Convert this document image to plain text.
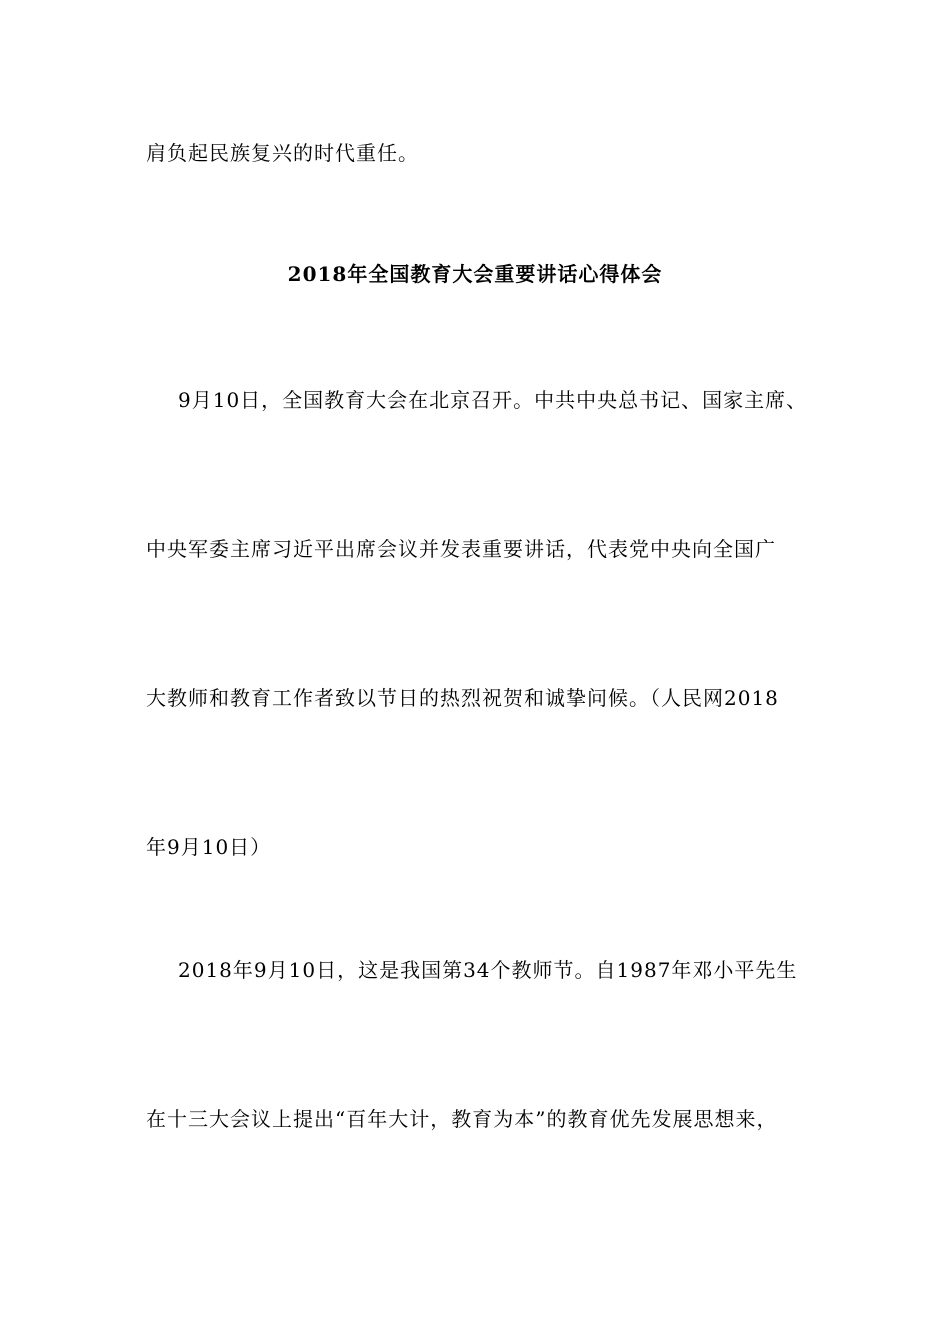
肩负起民族复兴的时代重任。
2018年全国教育大会重要讲话心得体会
9月10日，全国教育大会在北京召开。中共中央总书记、国家主席、
中央军委主席习近平出席会议并发表重要讲话，代表党中央向全国广
大教师和教育工作者致以节日的热烈祝贺和诚挚问候。（人民网2018
年9月10日）
2018年9月10日，这是我国第34个教师节。自1987年邓小平先生
在十三大会议上提出“百年大计，教育为本”的教育优先发展思想来，
